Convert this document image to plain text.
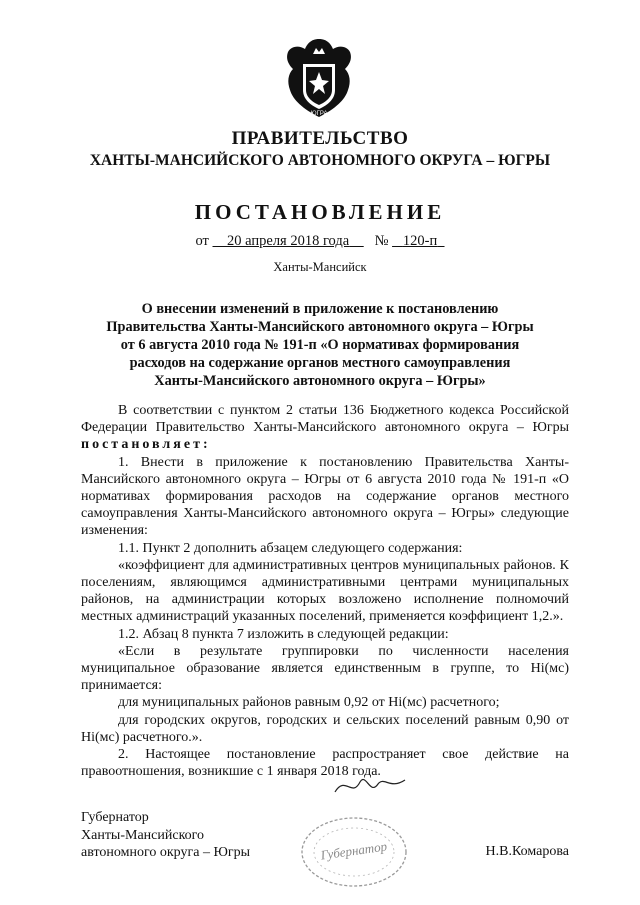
ЮГРА
ПРАВИТЕЛЬСТВО
ХАНТЫ-МАНСИЙСКОГО АВТОНОМНОГО ОКРУГА – ЮГРЫ
ПОСТАНОВЛЕНИЕ
от 20 апреля 2018 года № 120-п
Ханты-Мансийск
О внесении изменений в приложение к постановлению
Правительства Ханты-Мансийского автономного округа – Югры
от 6 августа 2010 года № 191-п «О нормативах формирования
расходов на содержание органов местного самоуправления
Ханты-Мансийского автономного округа – Югры»

В соответствии с пунктом 2 статьи 136 Бюджетного кодекса Российской Федерации Правительство Ханты-Мансийского автономного округа – Югры постановляет:

1. Внести в приложение к постановлению Правительства Ханты-Мансийского автономного округа – Югры от 6 августа 2010 года № 191-п «О нормативах формирования расходов на содержание органов местного самоуправления Ханты-Мансийского автономного округа – Югры» следующие изменения:

1.1. Пункт 2 дополнить абзацем следующего содержания:

«коэффициент для административных центров муниципальных районов. К поселениям, являющимся административными центрами муниципальных районов, на администрации которых возложено исполнение полномочий местных администраций указанных поселений, применяется коэффициент 1,2.».

1.2. Абзац 8 пункта 7 изложить в следующей редакции:

«Если в результате группировки по численности населения муниципальное образование является единственным в группе, то Hi(мс) принимается:

для муниципальных районов равным 0,92 от Hi(мс) расчетного;

для городских округов, городских и сельских поселений равным 0,90 от Hi(мс) расчетного.».

2. Настоящее постановление распространяет свое действие на правоотношения, возникшие с 1 января 2018 года.

Губернатор
Ханты-Мансийского
автономного округа – Югры	Губернатор	Н.В.Комарова
